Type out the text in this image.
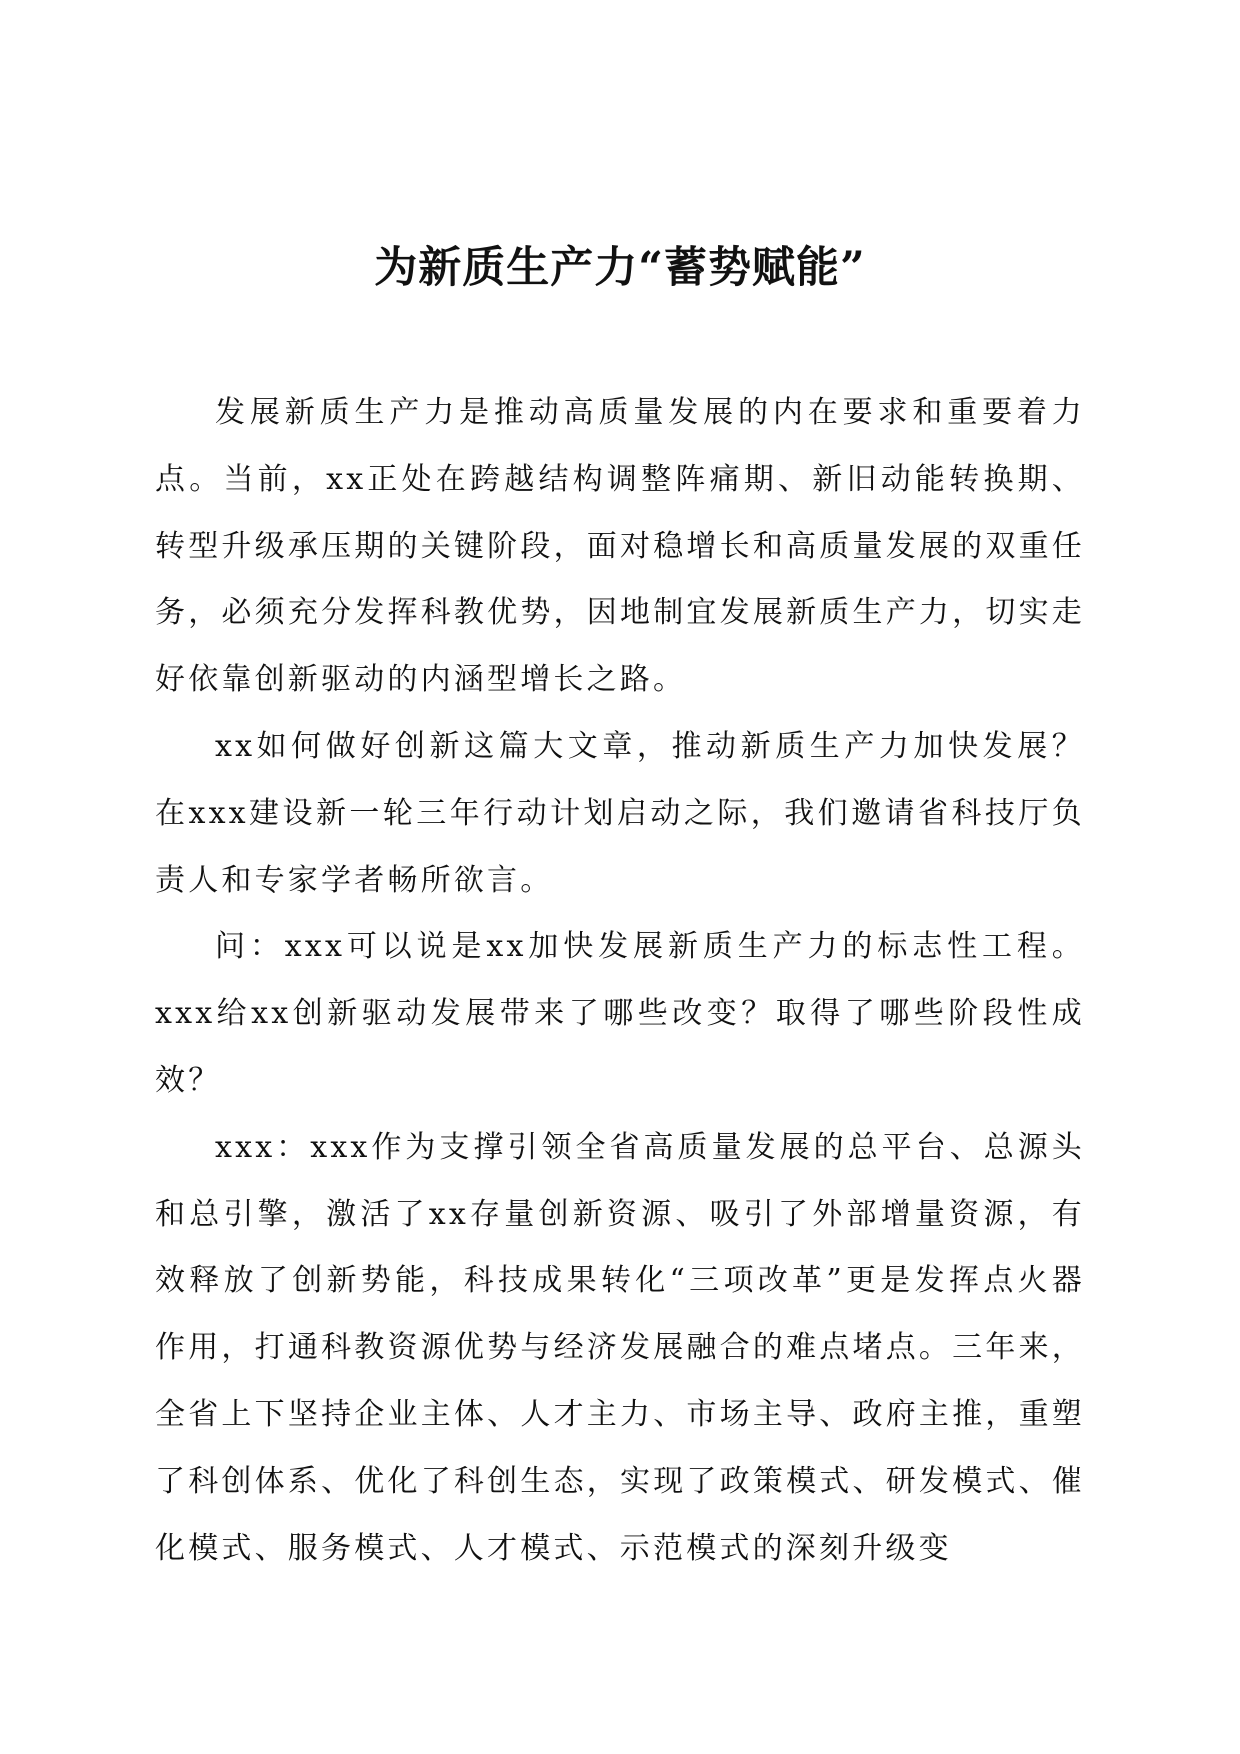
为新质生产力“蓄势赋能”

发展新质生产力是推动高质量发展的内在要求和重要着力点。当前，xx正处在跨越结构调整阵痛期、新旧动能转换期、转型升级承压期的关键阶段，面对稳增长和高质量发展的双重任务，必须充分发挥科教优势，因地制宜发展新质生产力，切实走好依靠创新驱动的内涵型增长之路。

xx如何做好创新这篇大文章，推动新质生产力加快发展？在xxx建设新一轮三年行动计划启动之际，我们邀请省科技厅负责人和专家学者畅所欲言。

问：xxx可以说是xx加快发展新质生产力的标志性工程。xxx给xx创新驱动发展带来了哪些改变？取得了哪些阶段性成效？

xxx：xxx作为支撑引领全省高质量发展的总平台、总源头和总引擎，激活了xx存量创新资源、吸引了外部增量资源，有效释放了创新势能，科技成果转化“三项改革”更是发挥点火器作用，打通科教资源优势与经济发展融合的难点堵点。三年来，全省上下坚持企业主体、人才主力、市场主导、政府主推，重塑了科创体系、优化了科创生态，实现了政策模式、研发模式、催化模式、服务模式、人才模式、示范模式的深刻升级变
